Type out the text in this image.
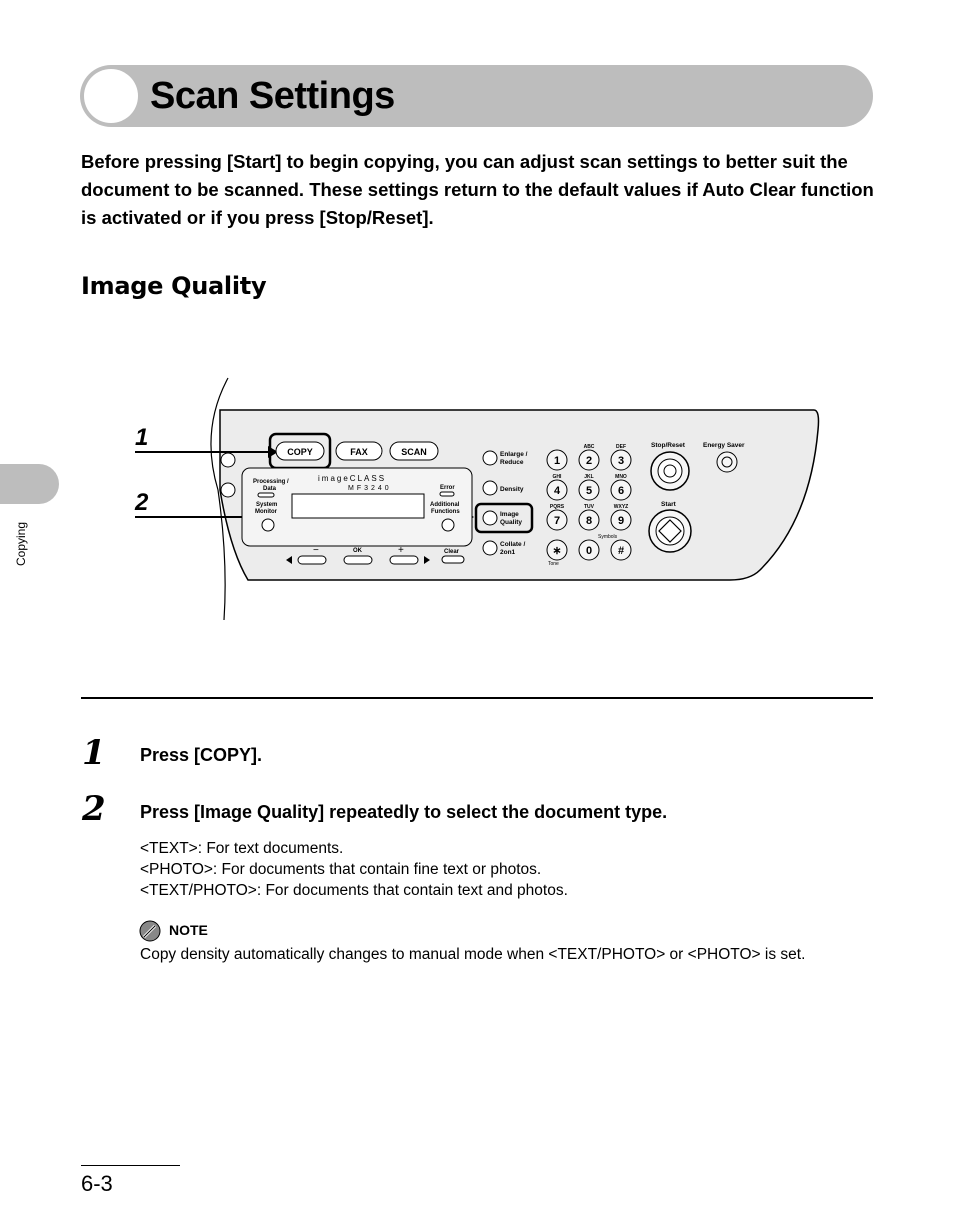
Scan Settings
Before pressing [Start] to begin copying, you can adjust scan settings to better suit the document to be scanned. These settings return to the default values if Auto Clear function is activated or if you press [Stop/Reset].
Image Quality
Copying
1
2
COPY	FAX	SCAN
Processing /
Data
System
Monitor
imageCLASS
MF3240	Error
Additional
Functions
−	OK	+	Clear
Enlarge /
Reduce
Density
Image
Quality
Collate /
2on1
1 2
ABC
3
DEF
4
GHI
5
JKL
6
MNO
7
PQRS
8
TUV
9
WXYZ
∗ 0 #
Tone
Symbols
Stop/Reset	Energy Saver
Start
1 Press [COPY].
2 Press [Image Quality] repeatedly to select the document type.
<TEXT>: For text documents.
<PHOTO>: For documents that contain fine text or photos.
<TEXT/PHOTO>: For documents that contain text and photos.
NOTE
Copy density automatically changes to manual mode when <TEXT/PHOTO> or <PHOTO> is set.
6-3
